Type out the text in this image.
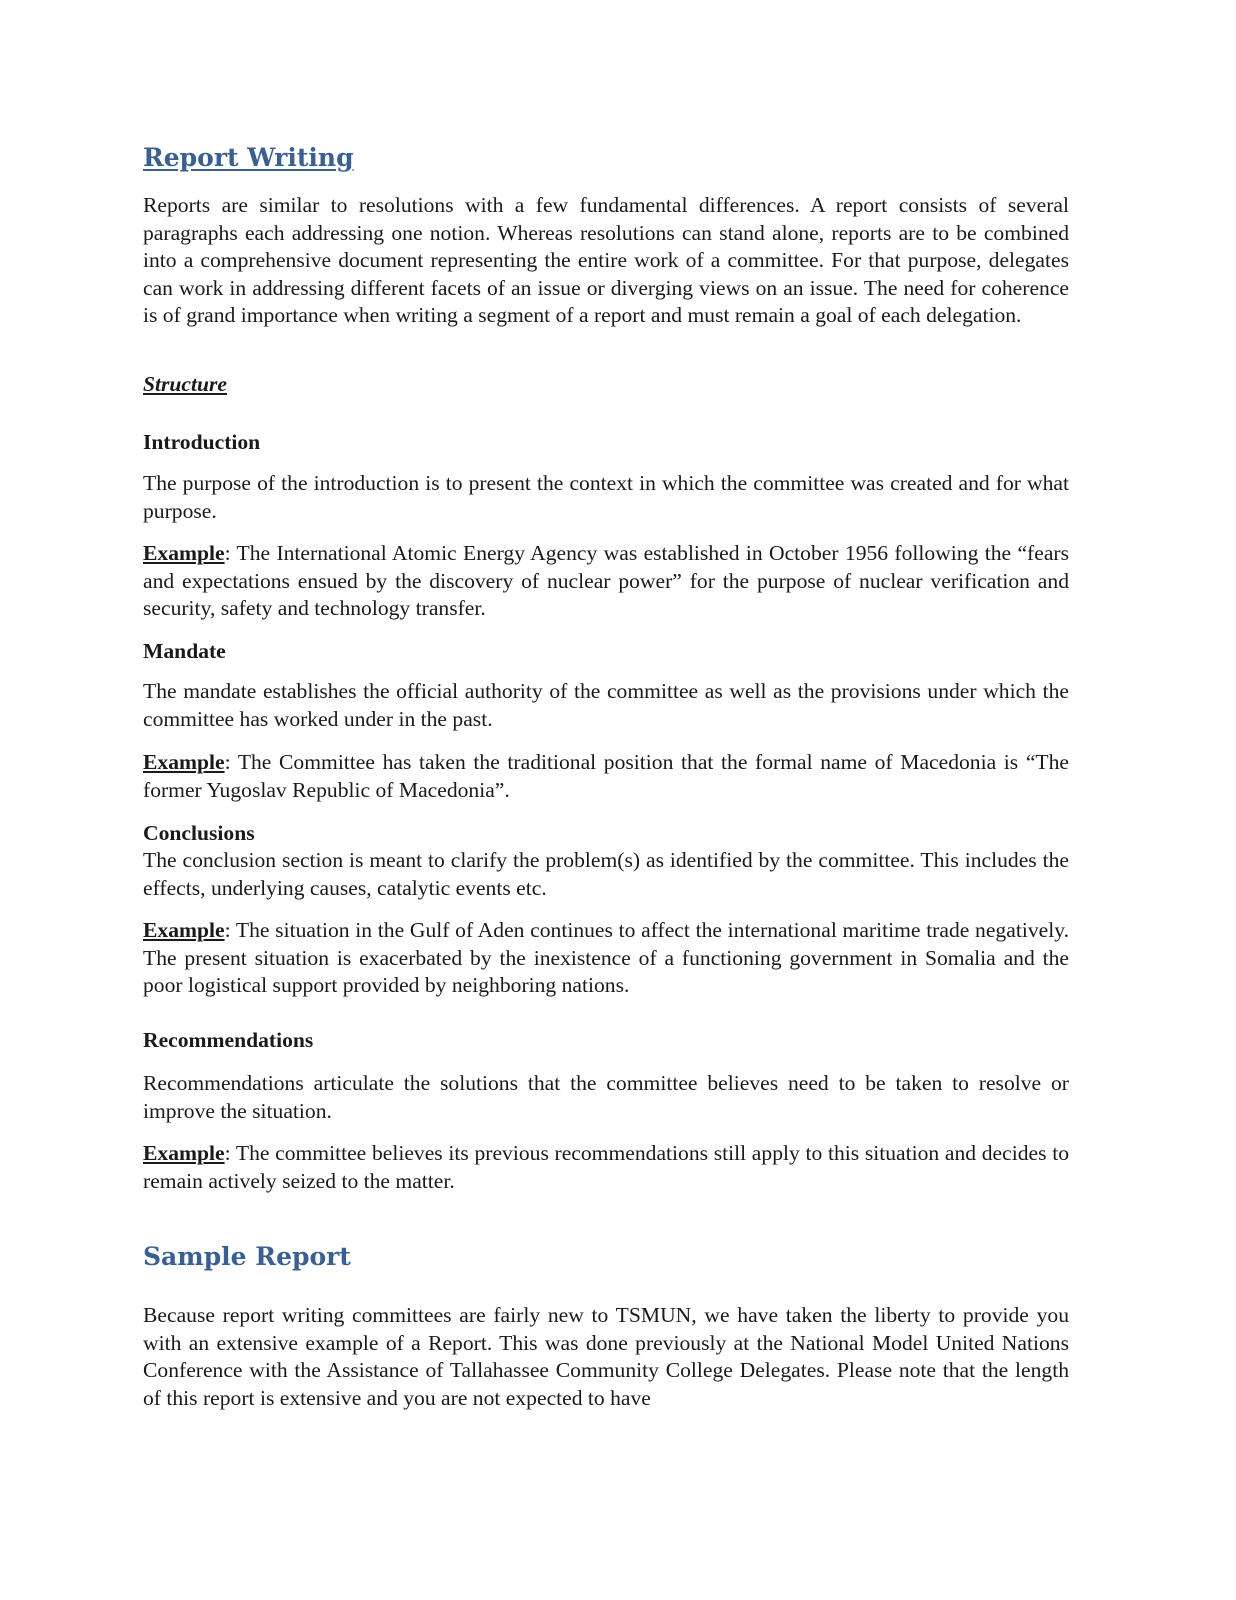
Report Writing

Reports are similar to resolutions with a few fundamental differences. A report consists of several paragraphs each addressing one notion. Whereas resolutions can stand alone, reports are to be combined into a comprehensive document representing the entire work of a committee. For that purpose, delegates can work in addressing different facets of an issue or diverging views on an issue. The need for coherence is of grand importance when writing a segment of a report and must remain a goal of each delegation.

Structure

Introduction

The purpose of the introduction is to present the context in which the committee was created and for what purpose.

Example: The International Atomic Energy Agency was established in October 1956 following the “fears and expectations ensued by the discovery of nuclear power” for the purpose of nuclear verification and security, safety and technology transfer.

Mandate

The mandate establishes the official authority of the committee as well as the provisions under which the committee has worked under in the past.

Example: The Committee has taken the traditional position that the formal name of Macedonia is “The former Yugoslav Republic of Macedonia”.

Conclusions

The conclusion section is meant to clarify the problem(s) as identified by the committee. This includes the effects, underlying causes, catalytic events etc.

Example: The situation in the Gulf of Aden continues to affect the international maritime trade negatively. The present situation is exacerbated by the inexistence of a functioning government in Somalia and the poor logistical support provided by neighboring nations.

Recommendations

Recommendations articulate the solutions that the committee believes need to be taken to resolve or improve the situation.

Example: The committee believes its previous recommendations still apply to this situation and decides to remain actively seized to the matter.

Sample Report

Because report writing committees are fairly new to TSMUN, we have taken the liberty to provide you with an extensive example of a Report. This was done previously at the National Model United Nations Conference with the Assistance of Tallahassee Community College Delegates. Please note that the length of this report is extensive and you are not expected to have
